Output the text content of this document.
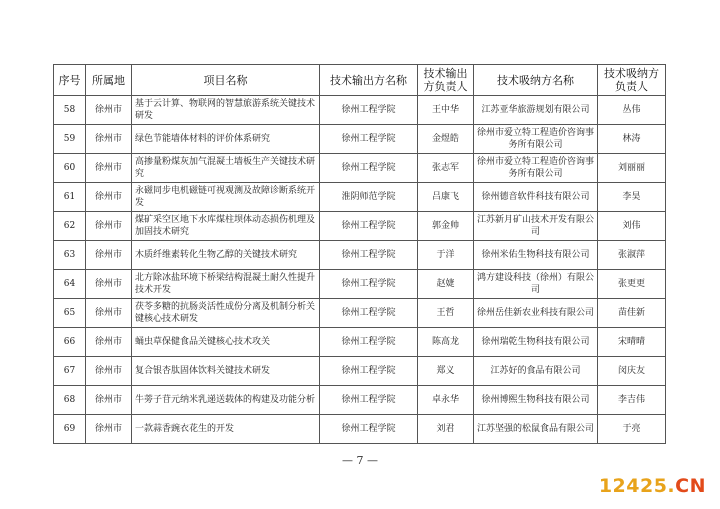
序号	所属地	项目名称	技术输出方名称	技术输出方负责人	技术吸纳方名称	技术吸纳方负责人
58	徐州市	基于云计算、物联网的智慧旅游系统关键技术研发	徐州工程学院	王中华	江苏亚华旅游规划有限公司	丛伟
59	徐州市	绿色节能墙体材料的评价体系研究	徐州工程学院	金煜皓	徐州市爱立特工程造价咨询事务所有限公司	林涛
60	徐州市	高掺量粉煤灰加气混凝土墙板生产关键技术研究	徐州工程学院	张志军	徐州市爱立特工程造价咨询事务所有限公司	刘丽丽
61	徐州市	永磁同步电机磁链可视观测及故障诊断系统开发	淮阴师范学院	吕康飞	徐州德音软件科技有限公司	李昊
62	徐州市	煤矿采空区地下水库煤柱坝体动态损伤机理及加固技术研究	徐州工程学院	郭金帅	江苏新月矿山技术开发有限公司	刘伟
63	徐州市	木质纤维素转化生物乙醇的关键技术研究	徐州工程学院	于洋	徐州米佑生物科技有限公司	张淑萍
64	徐州市	北方除冰盐环境下桥梁结构混凝土耐久性提升技术开发	徐州工程学院	赵婕	鸿方建设科技（徐州）有限公司	张更更
65	徐州市	茯苓多糖的抗肠炎活性成份分离及机制分析关键核心技术研发	徐州工程学院	王哲	徐州岳佳新农业科技有限公司	苗佳新
66	徐州市	蛹虫草保健食品关键核心技术攻关	徐州工程学院	陈高龙	徐州瑞乾生物科技有限公司	宋晴晴
67	徐州市	复合银杏肽固体饮料关键技术研发	徐州工程学院	郑义	江苏好的食品有限公司	闵庆友
68	徐州市	牛蒡子苷元纳米乳递送载体的构建及功能分析	徐州工程学院	卓永华	徐州博熙生物科技有限公司	李吉伟
69	徐州市	一款蒜香豌衣花生的开发	徐州工程学院	刘君	江苏坚强的松鼠食品有限公司	于亮
— 7 —
12425.CN
